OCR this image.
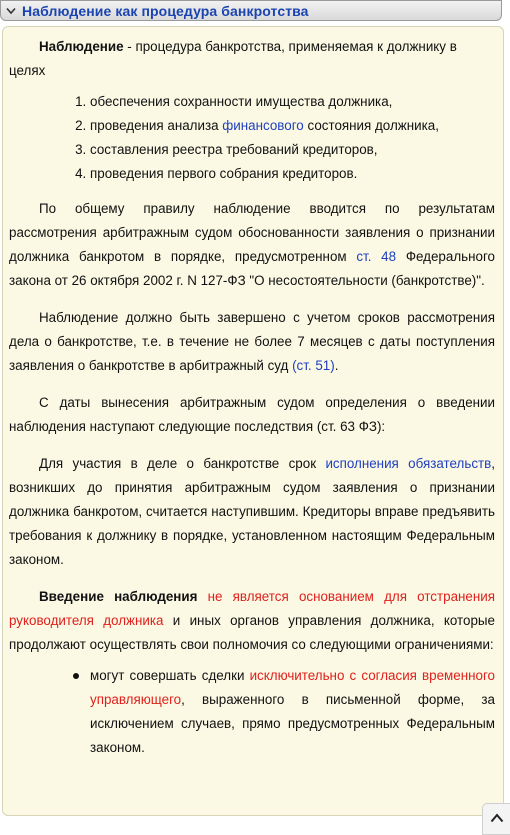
Наблюдение как процедура банкротства

Наблюдение - процедура банкротства, применяемая к должнику в целях

1. обеспечения сохранности имущества должника,
2. проведения анализа финансового состояния должника,
3. составления реестра требований кредиторов,
4. проведения первого собрания кредиторов.

По общему правилу наблюдение вводится по результатам рассмотрения арбитражным судом обоснованности заявления о признании должника банкротом в порядке, предусмотренном ст. 48 Федерального закона от 26 октября 2002 г. N 127-ФЗ "О несостоятельности (банкротстве)".

Наблюдение должно быть завершено с учетом сроков рассмотрения дела о банкротстве, т.е. в течение не более 7 месяцев с даты поступления заявления о банкротстве в арбитражный суд (ст. 51).

С даты вынесения арбитражным судом определения о введении наблюдения наступают следующие последствия (ст. 63 ФЗ):

Для участия в деле о банкротстве срок исполнения обязательств, возникших до принятия арбитражным судом заявления о признании должника банкротом, считается наступившим. Кредиторы вправе предъявить требования к должнику в порядке, установленном настоящим Федеральным законом.

Введение наблюдения не является основанием для отстранения руководителя должника и иных органов управления должника, которые продолжают осуществлять свои полномочия со следующими ограничениями:

могут совершать сделки исключительно с согласия временного управляющего, выраженного в письменной форме, за исключением случаев, прямо предусмотренных Федеральным законом.
